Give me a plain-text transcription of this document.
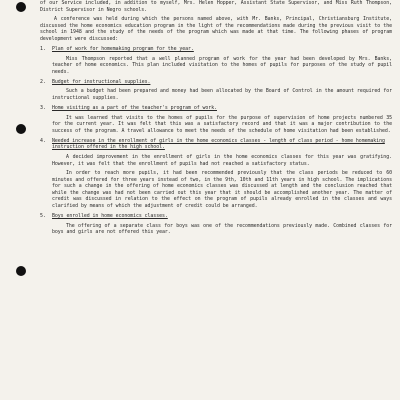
of our Service included, in addition to myself, Mrs. Helen Hopper, Assistant State Supervisor, and Miss Ruth Thompson, District Supervisor in Negro schools.

A conference was held during which the persons named above, with Mr. Banks, Principal, Christiansburg Institute, discussed the home economics education program in the light of the recommendations made during the previous visit to the school in 1948 and the study of the needs of the program which was made at that time. The following phases of program development were discussed:

1.	Plan of work for homemaking program for the year.

Miss Thompson reported that a well planned program of work for the year had been developed by Mrs. Banks, teacher of home economics. This plan included visitation to the homes of pupils for purposes of the study of pupil needs.

2.	Budget for instructional supplies.

Such a budget had been prepared and money had been allocated by the Board of Control in the amount required for instructional supplies.

3.	Home visiting as a part of the teacher's program of work.

It was learned that visits to the homes of pupils for the purpose of supervision of home projects numbered 35 for the current year. It was felt that this was a satisfactory record and that it was a major contribution to the success of the program. A travel allowance to meet the needs of the schedule of home visitation had been established.

4.	Needed increase in the enrollment of girls in the home economics classes - length of class period - home homemaking instruction offered in the high school.

A decided improvement in the enrollment of girls in the home economics classes for this year was gratifying. However, it was felt that the enrollment of pupils had not reached a satisfactory status.

In order to reach more pupils, it had been recommended previously that the class periods be reduced to 60 minutes and offered for three years instead of two, in the 9th, 10th and 11th years in high school. The implications for such a change in the offering of home economics classes was discussed at length and the conclusion reached that while the change was had not been carried out this year that it should be accomplished another year. The matter of credit was discussed in relation to the effect on the program of pupils already enrolled in the classes and ways clarified by means of which the adjustment of credit could be arranged.

5.	Boys enrolled in home economics classes.

The offering of a separate class for boys was one of the recommendations previously made. Combined classes for boys and girls are not offered this year.
